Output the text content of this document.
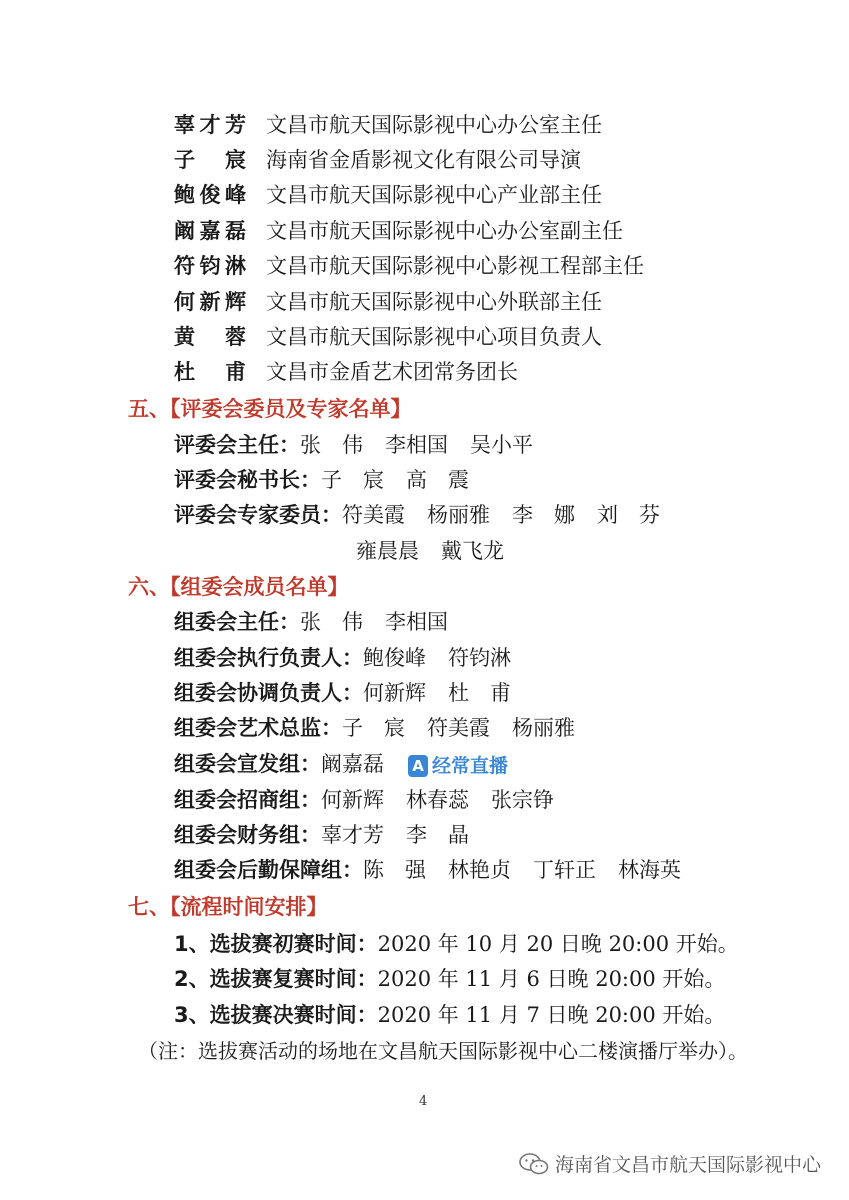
辜才芳 文昌市航天国际影视中心办公室主任
子宸 海南省金盾影视文化有限公司导演
鲍俊峰 文昌市航天国际影视中心产业部主任
阚嘉磊 文昌市航天国际影视中心办公室副主任
符钧淋 文昌市航天国际影视中心影视工程部主任
何新辉 文昌市航天国际影视中心外联部主任
黄蓉 文昌市航天国际影视中心项目负责人
杜甫 文昌市金盾艺术团常务团长
五、【评委会委员及专家名单】
评委会主任：张　伟 李相国 吴小平
评委会秘书长：子　宸 高　震
评委会专家委员：符美霞 杨丽雅 李　娜 刘　芬
雍晨晨 戴飞龙
六、【组委会成员名单】
组委会主任：张　伟 李相国
组委会执行负责人：鲍俊峰 符钧淋
组委会协调负责人：何新辉 杜　甫
组委会艺术总监：子　宸 符美霞 杨丽雅
组委会宣发组：阚嘉磊 A 经常直播
组委会招商组：何新辉 林春蕊 张宗铮
组委会财务组：辜才芳 李　晶
组委会后勤保障组：陈　强 林艳贞 丁轩正 林海英
七、【流程时间安排】
1、选拔赛初赛时间：2020 年 10 月 20 日晚 20:00 开始。
2、选拔赛复赛时间：2020 年 11 月 6 日晚 20:00 开始。
3、选拔赛决赛时间：2020 年 11 月 7 日晚 20:00 开始。
（注：选拔赛活动的场地在文昌航天国际影视中心二楼演播厅举办）。
4
海南省文昌市航天国际影视中心
